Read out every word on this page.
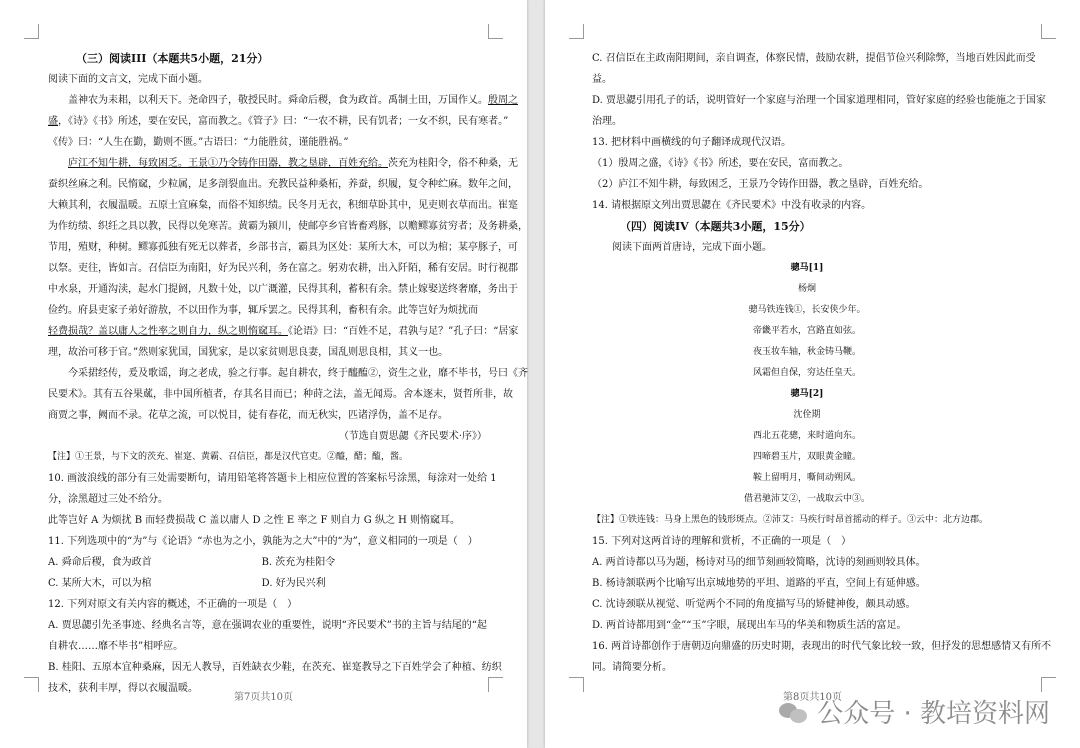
（三）阅读III（本题共5小题，21分）
阅读下面的文言文，完成下面小题。
盖神农为耒耜，以利天下。尧命四子，敬授民时。舜命后稷，食为政首。禹制土田，万国作乂。殷周之
盛，《诗》《书》所述，要在安民，富而教之。《管子》曰：“一农不耕，民有饥者；一女不织，民有寒者。”
《传》曰：“人生在勤，勤则不匮。”古语曰：“力能胜贫，谨能胜祸。”
庐江不知牛耕，每致困乏。王景①乃令铸作田器，教之垦辟，百姓充给。茨充为桂阳令，俗不种桑，无
蚕织丝麻之利。民惰窳，少粒属，足多剖裂血出。充教民益种桑柘，养蚕，织履，复令种纻麻。数年之间，
大赖其利，衣履温暖。五原土宜麻枲，而俗不知织绩。民冬月无衣，积细草卧其中，见吏则衣草而出。崔寔
为作纺绩、织纴之具以教，民得以免寒苦。黄霸为颍川，使邮亭乡官皆畜鸡豚，以赡鳏寡贫穷者；及务耕桑，
节用，殖财，种树。鳏寡孤独有死无以葬者，乡部书言，霸具为区处：某所大木，可以为棺；某亭豚子，可
以祭。吏往，皆如言。召信臣为南阳，好为民兴利，务在富之。躬劝农耕，出入阡陌，稀有安居。时行视郡
中水泉，开通沟渎，起水门提阏，凡数十处，以广溉灌，民得其利，蓄积有余。禁止嫁娶送终奢靡，务出于
俭约。府县吏家子弟好游敖，不以田作为事，辄斥罢之。民得其利，畜积有余。此等岂好为烦扰而
轻费损哉？盖以庸人之性率之则自力，纵之则惰窳耳。《论语》曰：“百姓不足，君孰与足？”孔子曰：“居家
理，故治可移于官。”然则家犹国，国犹家，是以家贫则思良妻，国乱则思良相，其义一也。
今采捃经传，爰及歌谣，询之老成，验之行事。起自耕农，终于醯醢②，资生之业，靡不毕书，号曰《齐
民要术》。其有五谷果蓏，非中国所植者，存其名目而已；种莳之法，盖无闻焉。舍本逐末，贤哲所非，故
商贾之事，阙而不录。花草之流，可以悦目，徒有春花，而无秋实，匹诸浮伪，盖不足存。
（节选自贾思勰《齐民要术·序》）
【注】①王景，与下文的茨充、崔寔、黄霸、召信臣，都是汉代官吏。②醯，醋；醢，酱。
10. 画波浪线的部分有三处需要断句，请用铅笔将答题卡上相应位置的答案标号涂黑，每涂对一处给 1
分，涂黑超过三处不给分。
此等岂好 A 为烦扰 B 而轻费损哉 C 盖以庸人 D 之性 E 率之 F 则自力 G 纵之 H 则惰窳耳。
11. 下列选项中的“为”与《论语》“赤也为之小，孰能为之大”中的“为”，意义相同的一项是（　）
A. 舜命后稷，食为政首　　　　　　　　　　　B. 茨充为桂阳令
C. 某所大木，可以为棺　　　　　　　　　　　D. 好为民兴利
12. 下列对原文有关内容的概述，不正确的一项是（　）
A. 贾思勰引先圣事迹、经典名言等，意在强调农业的重要性，说明“齐民要术”书的主旨与结尾的“起
自耕农……靡不毕书”相呼应。
B. 桂阳、五原本宜种桑麻，因无人教导，百姓缺衣少鞋，在茨充、崔寔教导之下百姓学会了种植、纺织
技术，获利丰厚，得以衣履温暖。
第7页共10页
C. 召信臣在主政南阳期间，亲自调查，体察民情，鼓励农耕，提倡节俭兴利除弊，当地百姓因此而受
益。
D. 贾思勰引用孔子的话，说明管好一个家庭与治理一个国家道理相同，管好家庭的经验也能施之于国家
治理。
13. 把材料中画横线的句子翻译成现代汉语。
（1）殷周之盛，《诗》《书》所述，要在安民，富而教之。
（2）庐江不知牛耕，每致困乏，王景乃令铸作田器，教之垦辟，百姓充给。
14. 请根据原文列出贾思勰在《齐民要术》中没有收录的内容。
（四）阅读IV（本题共3小题，15分）
阅读下面两首唐诗，完成下面小题。
骢马[1]
杨炯
骢马铁连钱①，长安侠少年。
帝畿平若水，宫路直如弦。
夜玉妆车轴，秋金铸马鞭。
风霜但自保，穷达任皇天。
骢马[2]
沈佺期
西北五花骢，来时道向东。
四啼碧玉片，双眼黄金瞳。
鞍上留明月，嘶间动朔风。
借君驰沛艾②，一战取云中③。
【注】①铁连钱：马身上黑色的钱形斑点。②沛艾：马疾行时昂首摇动的样子。③云中：北方边郡。
15. 下列对这两首诗的理解和赏析，不正确的一项是（　）
A. 两首诗都以马为题，杨诗对马的细节刻画较简略，沈诗的刻画则较具体。
B. 杨诗颔联两个比喻写出京城地势的平坦、道路的平直，空间上有延伸感。
C. 沈诗颈联从视觉、听觉两个不同的角度描写马的矫健神俊，颇具动感。
D. 两首诗都用到“金”“玉”字眼，展现出车马的华美和物质生活的富足。
16. 两首诗都创作于唐朝迈向鼎盛的历史时期，表现出的时代气象比较一致，但抒发的思想感情又有所不
同。请简要分析。
第8页共10页
公众号 · 教培资料网
